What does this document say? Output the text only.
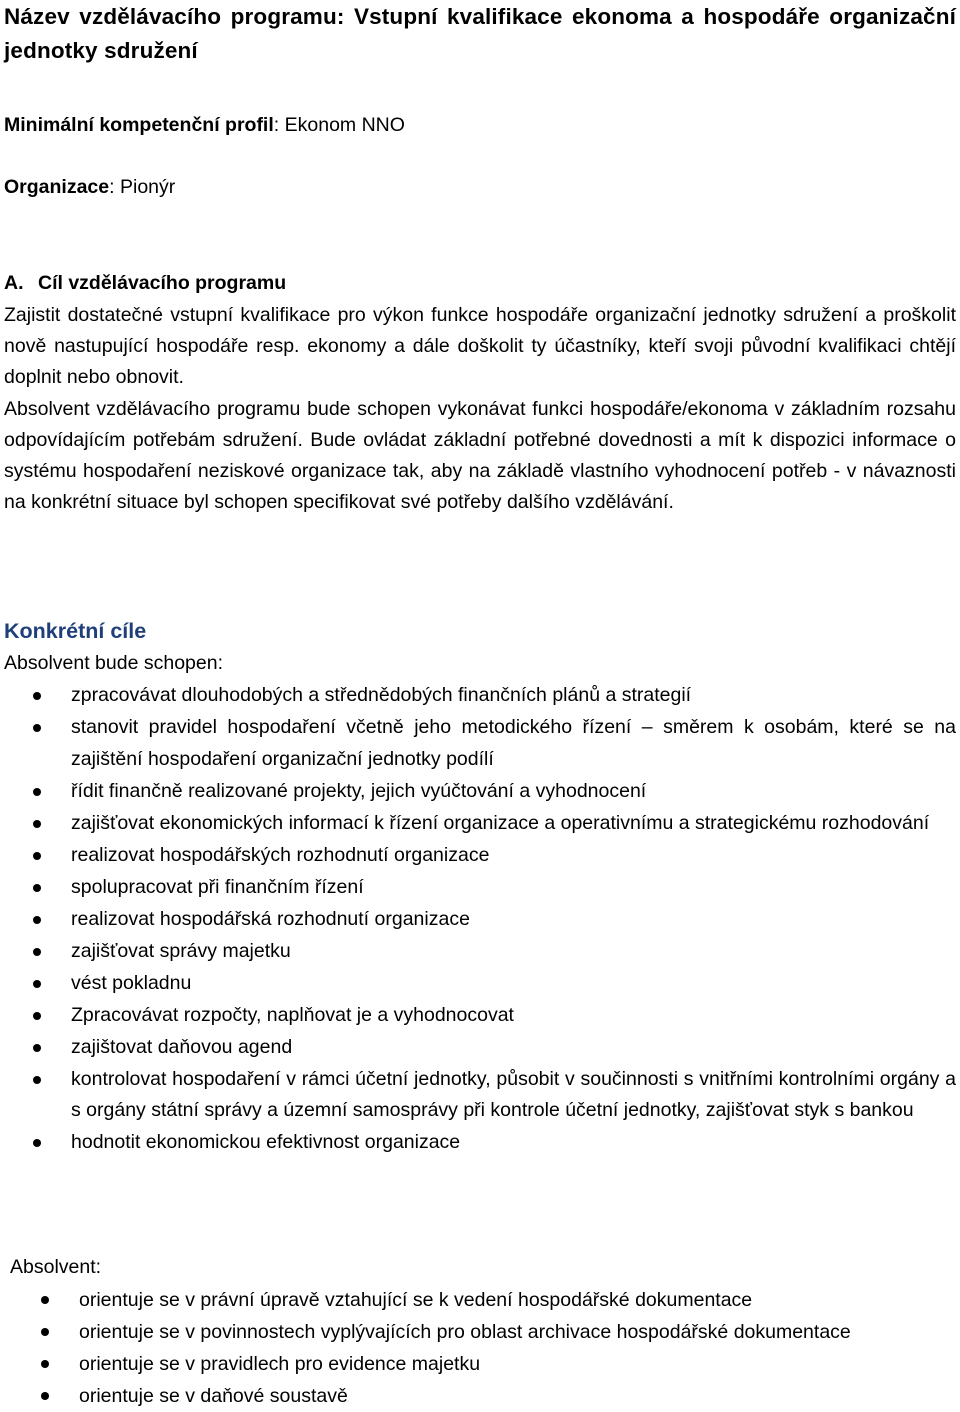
Název vzdělávacího programu: Vstupní kvalifikace ekonoma a hospodáře organizační jednotky sdružení
Minimální kompetenční profil: Ekonom NNO
Organizace: Pionýr
A. Cíl vzdělávacího programu
Zajistit dostatečné vstupní kvalifikace pro výkon funkce hospodáře organizační jednotky sdružení a proškolit nově nastupující hospodáře resp. ekonomy a dále doškolit ty účastníky, kteří svoji původní kvalifikaci chtějí doplnit nebo obnovit.
Absolvent vzdělávacího programu bude schopen vykonávat funkci hospodáře/ekonoma v základním rozsahu odpovídajícím potřebám sdružení. Bude ovládat základní potřebné dovednosti a mít k dispozici informace o systému hospodaření neziskové organizace tak, aby na základě vlastního vyhodnocení potřeb - v návaznosti na konkrétní situace byl schopen specifikovat své potřeby dalšího vzdělávání.
Konkrétní cíle
Absolvent bude schopen:
zpracovávat dlouhodobých a střednědobých finančních plánů a strategií
stanovit pravidel hospodaření včetně jeho metodického řízení – směrem k osobám, které se na zajištění hospodaření organizační jednotky podílí
řídit finančně realizované projekty, jejich vyúčtování a vyhodnocení
zajišťovat ekonomických informací k řízení organizace a operativnímu a strategickému rozhodování
realizovat hospodářských rozhodnutí organizace
spolupracovat při finančním řízení
realizovat hospodářská rozhodnutí organizace
zajišťovat správy majetku
vést pokladnu
Zpracovávat rozpočty, naplňovat je a vyhodnocovat
zajištovat daňovou agend
kontrolovat hospodaření v rámci účetní jednotky, působit v součinnosti s vnitřními kontrolními orgány a s orgány státní správy a územní samosprávy při kontrole účetní jednotky, zajišťovat styk s bankou
hodnotit ekonomickou efektivnost organizace
Absolvent:
orientuje se v právní úpravě vztahující se k vedení hospodářské dokumentace
orientuje se v povinnostech vyplývajících pro oblast archivace hospodářské dokumentace
orientuje se v pravidlech pro evidence majetku
orientuje se v daňové soustavě
